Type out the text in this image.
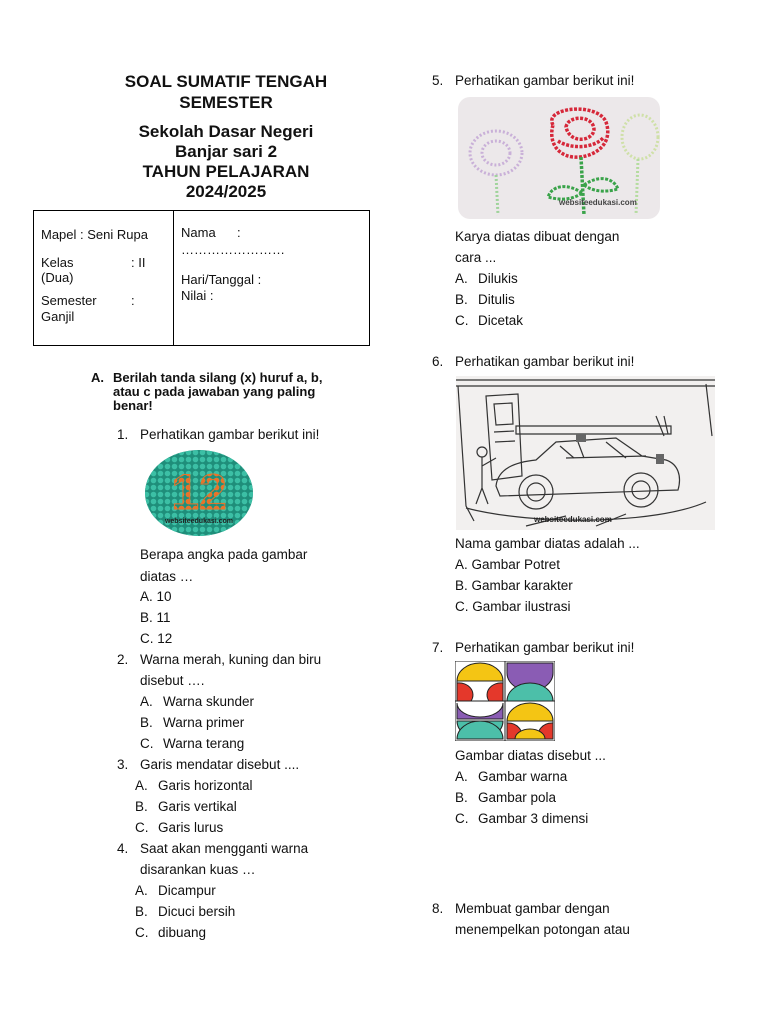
SOAL SUMATIF TENGAH
SEMESTER
Sekolah Dasar Negeri
Banjar sari 2
TAHUN PELAJARAN
2024/2025
Mapel : Seni Rupa
Kelas	: II
(Dua)
Semester	:
Ganjil
Nama :
……………………
Hari/Tanggal :
Nilai :
A. Berilah tanda silang (x) huruf a, b,
atau c pada jawaban yang paling
benar!
1. Perhatikan gambar berikut ini!
12
websiteedukasi.com
Berapa angka pada gambar
diatas …
A. 10
B. 11
C. 12
2. Warna merah, kuning dan biru
disebut ….
A. Warna skunder
B. Warna primer
C. Warna terang
3. Garis mendatar disebut ....
A. Garis horizontal
B. Garis vertikal
C. Garis lurus
4. Saat akan mengganti warna
disarankan kuas …
A. Dicampur
B. Dicuci bersih
C. dibuang
5. Perhatikan gambar berikut ini!
websiteedukasi.com
Karya diatas dibuat dengan
cara ...
A. Dilukis
B. Ditulis
C. Dicetak
6. Perhatikan gambar berikut ini!
websiteedukasi.com
Nama gambar diatas adalah ...
A. Gambar Potret
B. Gambar karakter
C. Gambar ilustrasi
7. Perhatikan gambar berikut ini!
Gambar diatas disebut ...
A. Gambar warna
B. Gambar pola
C. Gambar 3 dimensi
8. Membuat gambar dengan
menempelkan potongan atau
